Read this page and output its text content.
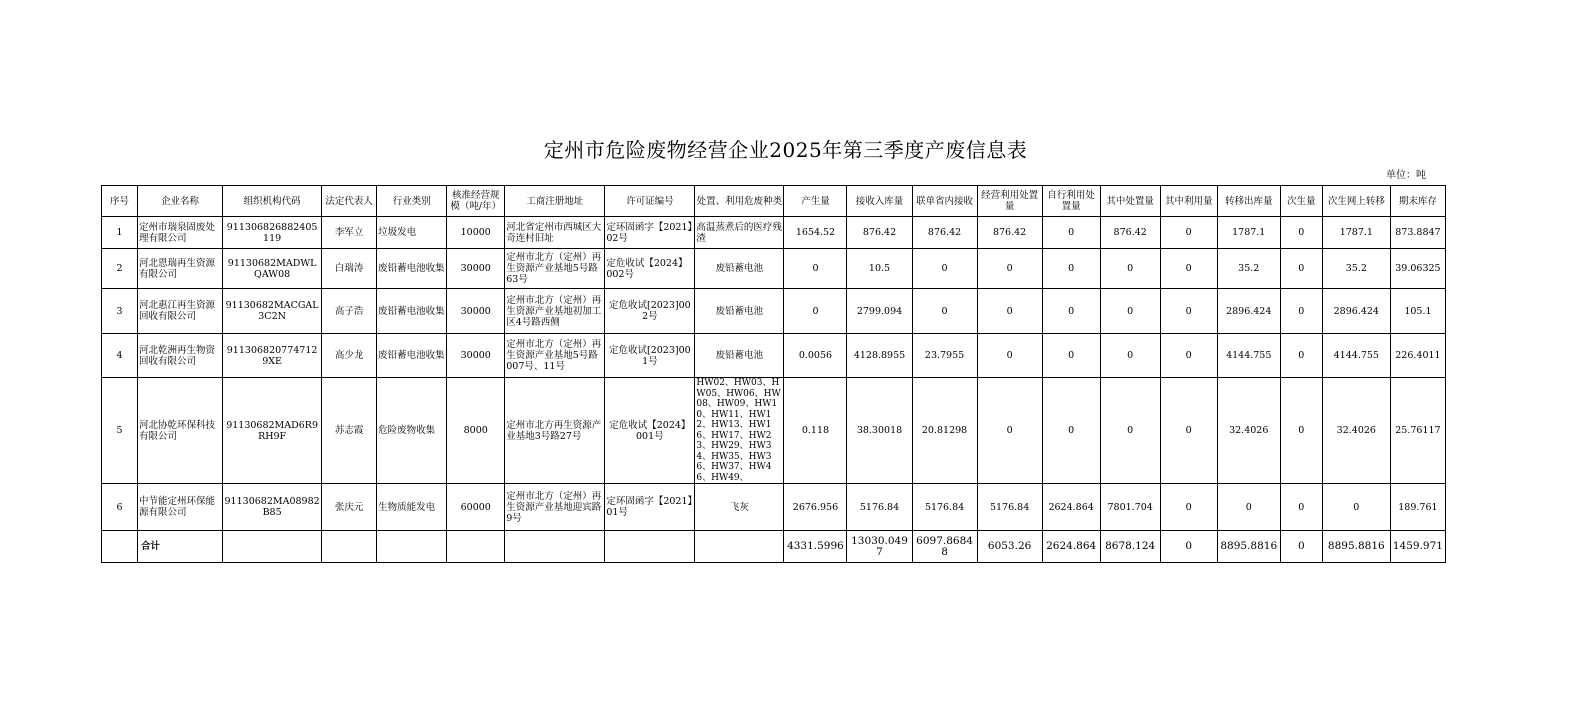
定州市危险废物经营企业2025年第三季度产废信息表
单位：吨
序号	企业名称	组织机构代码	法定代表人	行业类别	核准经营规模（吨/年）	工商注册地址	许可证编号	处置、利用危废种类	产生量	接收入库量	联单省内接收	经营利用处置量	自行利用处置量	其中处置量	其中利用量	转移出库量	次生量	次生网上转移	期末库存
1	定州市瑞泉固废处理有限公司	91130682688240511​9	李军立	垃圾发电	10000	河北省定州市西城区大奇连村旧址	定环固函字【2021】02号	高温蒸煮后的医疗残渣	1654.52	876.42	876.42	876.42	0	876.42	0	1787.1	0	1787.1	873.8847
2	河北恩瑞再生资源有限公司	91130682MADWLQAW08	白瑞涛	废铅蓄电池收集	30000	定州市北方（定州）再生资源产业基地5号路63号	定危收试【2024】002号	废铅蓄电池	0	10.5	0	0	0	0	0	35.2	0	35.2	39.06325
3	河北惠江再生资源回收有限公司	91130682MACGAL3C2N	高子浩	废铅蓄电池收集	30000	定州市北方（定州）再生资源产业基地初加工区4号路西侧	定危收试[2023]002号	废铅蓄电池	0	2799.094	0	0	0	0	0	2896.424	0	2896.424	105.1
4	河北乾洲再生物资回收有限公司	91130682077471​29XE	高少龙	废铅蓄电池收集	30000	定州市北方（定州）再生资源产业基地5号路007号、11号	定危收试[2023]001号	废铅蓄电池	0.0056	4128.8955	23.7955	0	0	0	0	4144.755	0	4144.755	226.4011
5	河北协乾环保科技有限公司	91130682MAD6R9RH9F	苏志霞	危险废物收集	8000	定州市北方再生资源产业基地3号路27号	定危收试【2024】001号	HW02、HW03、HW05、HW06、HW08、HW09、HW10、HW11、HW12、HW13、HW16、HW17、HW23、HW29、HW34、HW35、HW36、HW37、HW46、HW49、	0.118	38.30018	20.81298	0	0	0	0	32.4026	0	32.4026	25.76117
6	中节能定州环保能源有限公司	91130682MA08982B85	张庆元	生物质能发电	60000	定州市北方（定州）再生资源产业基地迎宾路9号	定环固函字【2021】01号	飞灰	2676.956	5176.84	5176.84	5176.84	2624.864	7801.704	0	0	0	0	189.761
	合计								4331.5996	13030.0497	6097.86848	6053.26	2624.864	8678.124	0	8895.8816	0	8895.8816	1459.971
